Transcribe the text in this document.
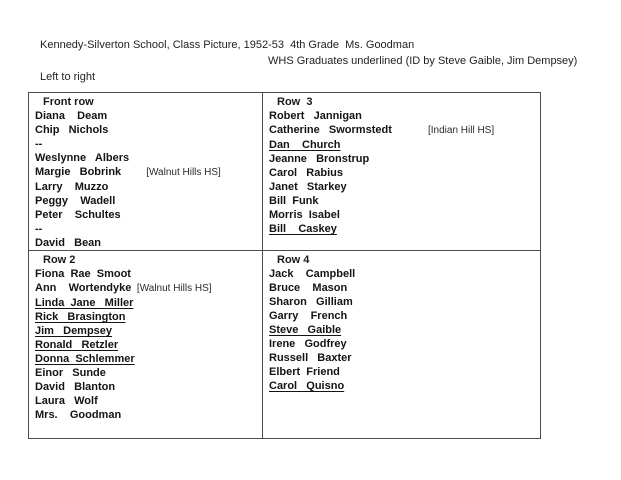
Kennedy-Silverton School, Class Picture, 1952-53  4th Grade  Ms. Goodman
WHS Graduates underlined (ID by Steve Gaible, Jim Dempsey)
Left to right
Front row
Diana    Deam
Chip   Nichols
--
Weslynne   Albers
Margie   Bobrink         [Walnut Hills HS]
Larry    Muzzo
Peggy    Wadell
Peter    Schultes
--
David   Bean

Row  3
Robert   Jannigan
Catherine   Swormstedt             [Indian Hill HS]
Dan    Church
Jeanne   Bronstrup
Carol   Rabius
Janet   Starkey
Bill  Funk
Morris  Isabel
Bill    Caskey

Row 2
Fiona  Rae  Smoot
Ann    Wortendyke  [Walnut Hills HS]
Linda  Jane   Miller
Rick   Brasington
Jim   Dempsey
Ronald   Retzler
Donna  Schlemmer
Einor   Sunde
David   Blanton
Laura   Wolf
Mrs.    Goodman

Row 4
Jack    Campbell
Bruce    Mason
Sharon   Gilliam
Garry    French
Steve   Gaible
Irene   Godfrey
Russell   Baxter
Elbert  Friend
Carol   Quisno
